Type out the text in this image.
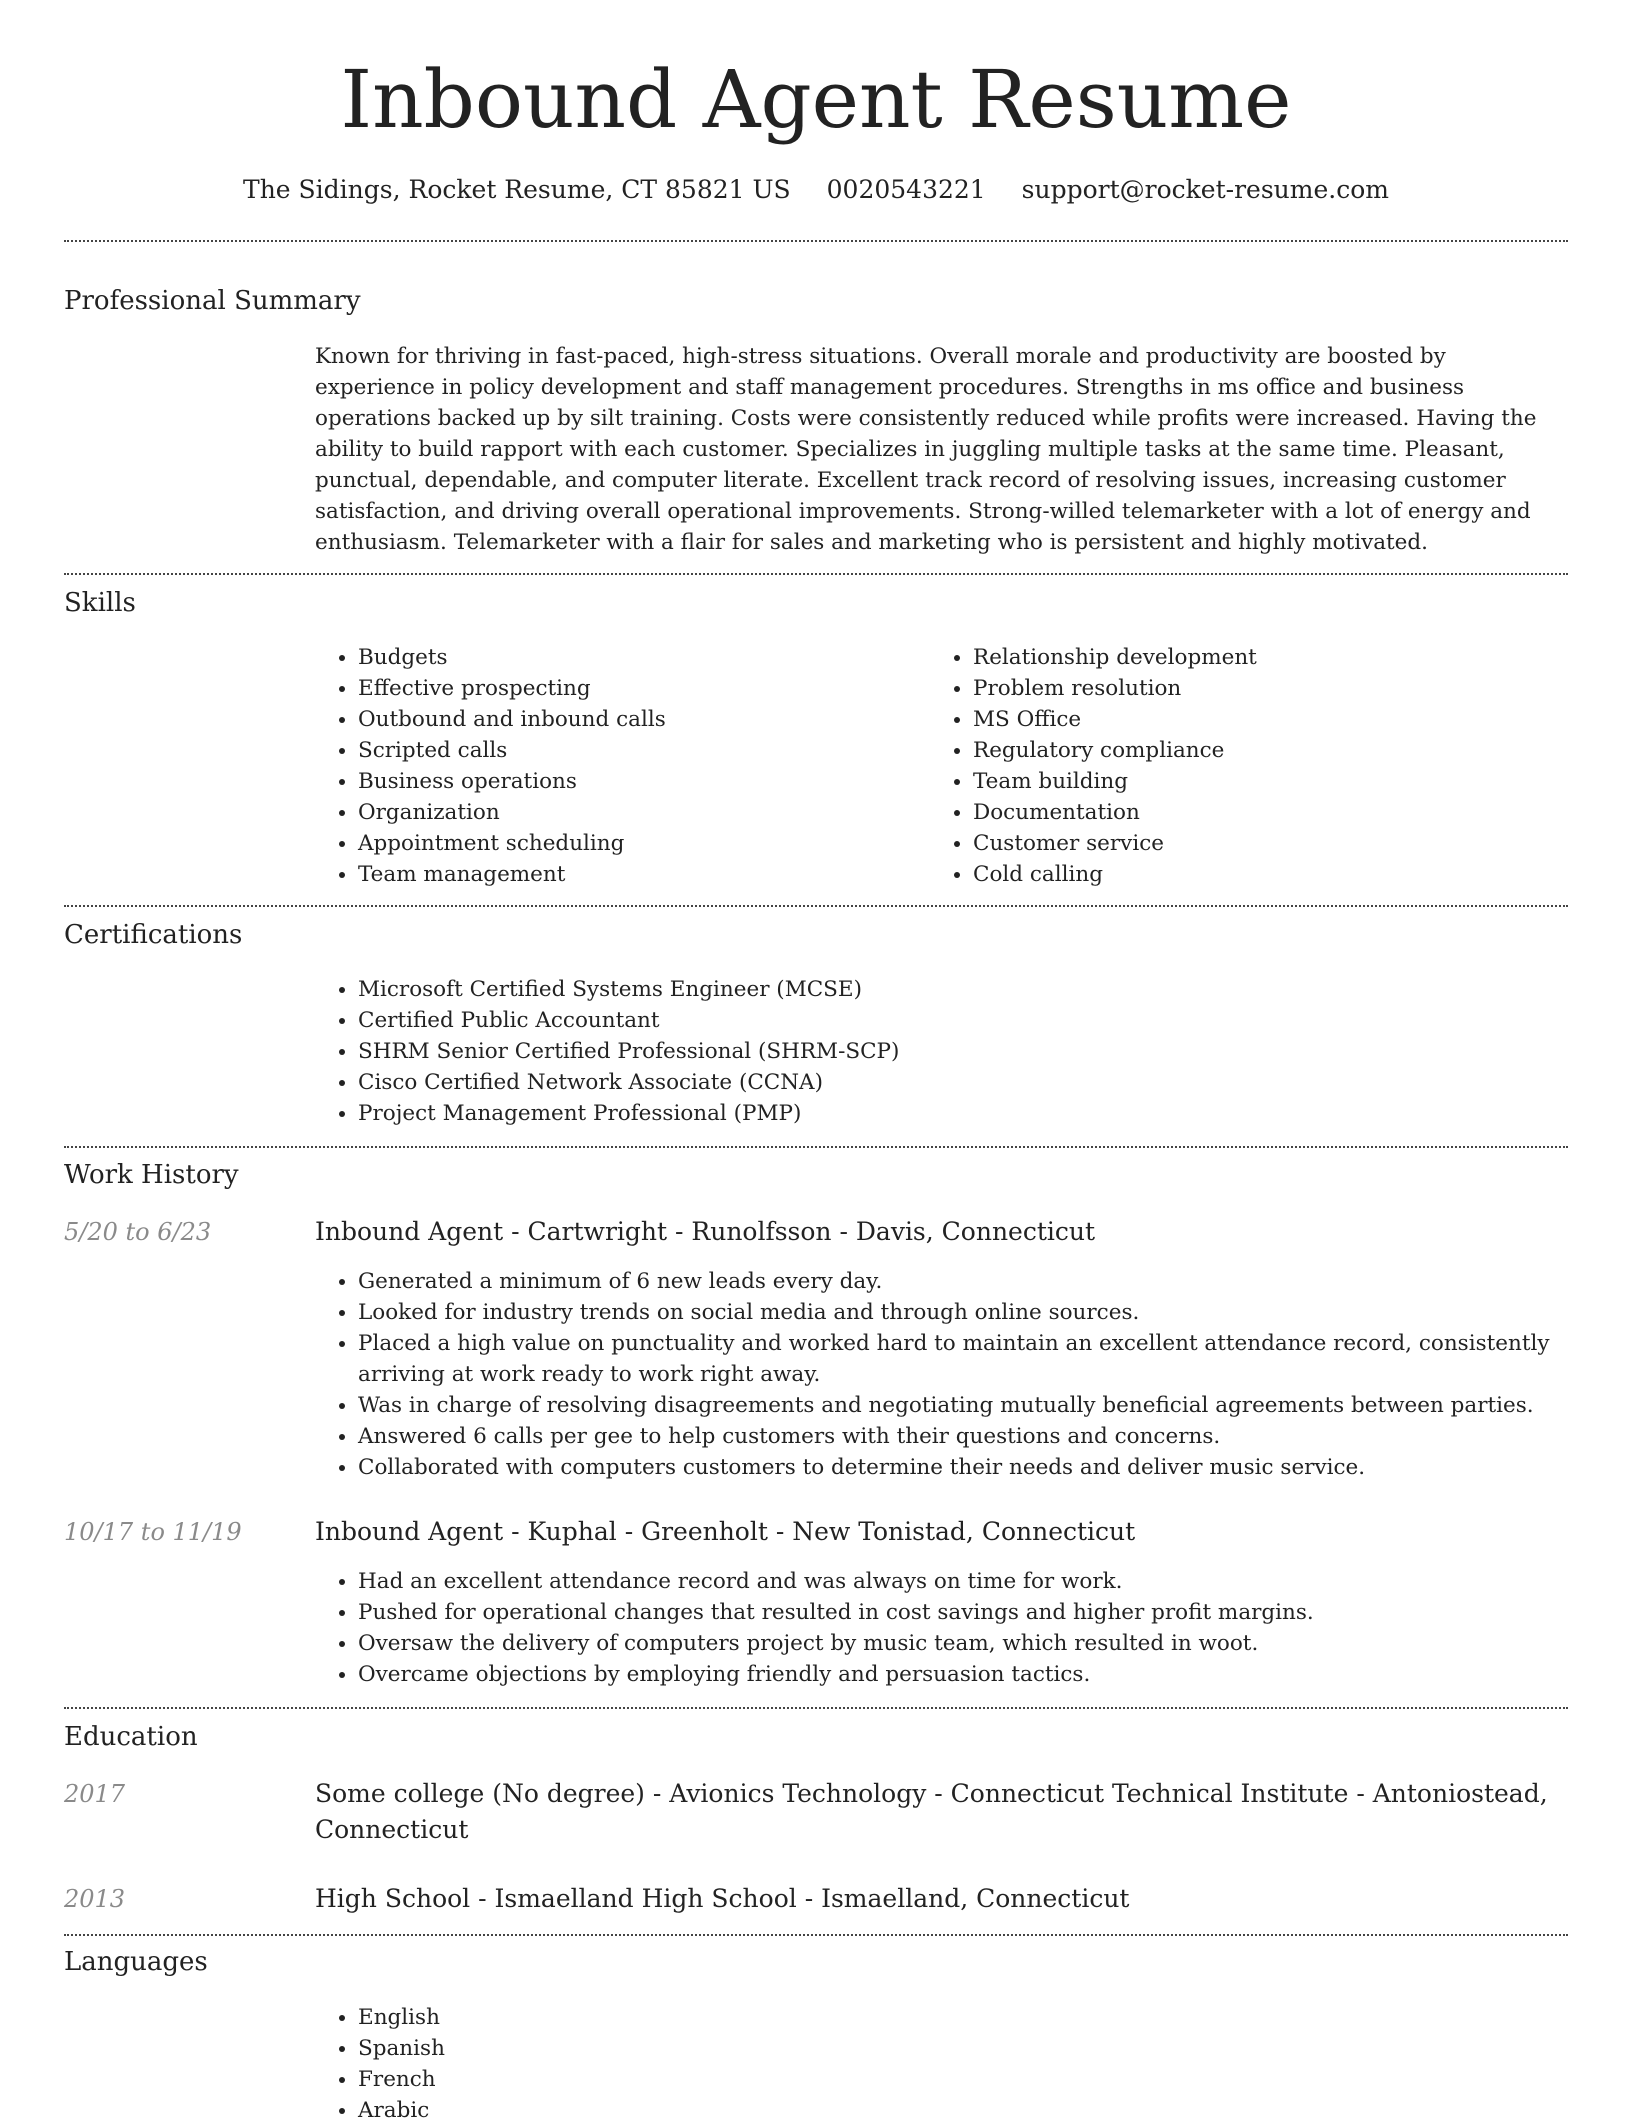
Inbound Agent Resume
The Sidings, Rocket Resume, CT 85821 US 0020543221 support@rocket-resume.com
Professional Summary

Known for thriving in fast-paced, high-stress situations. Overall morale and productivity are boosted by experience in policy development and staff management procedures. Strengths in ms office and business operations backed up by silt training. Costs were consistently reduced while profits were increased. Having the ability to build rapport with each customer. Specializes in juggling multiple tasks at the same time. Pleasant, punctual, dependable, and computer literate. Excellent track record of resolving issues, increasing customer satisfaction, and driving overall operational improvements. Strong-willed telemarketer with a lot of energy and enthusiasm. Telemarketer with a flair for sales and marketing who is persistent and highly motivated.

Skills
• Budgets
• Effective prospecting
• Outbound and inbound calls
• Scripted calls
• Business operations
• Organization
• Appointment scheduling
• Team management
• Relationship development
• Problem resolution
• MS Office
• Regulatory compliance
• Team building
• Documentation
• Customer service
• Cold calling
Certifications
• Microsoft Certified Systems Engineer (MCSE)
• Certified Public Accountant
• SHRM Senior Certified Professional (SHRM-SCP)
• Cisco Certified Network Associate (CCNA)
• Project Management Professional (PMP)
Work History
5/20 to 6/23	Inbound Agent - Cartwright - Runolfsson - Davis, Connecticut
• Generated a minimum of 6 new leads every day.
• Looked for industry trends on social media and through online sources.
• Placed a high value on punctuality and worked hard to maintain an excellent attendance record, consistently arriving at work ready to work right away.
• Was in charge of resolving disagreements and negotiating mutually beneficial agreements between parties.
• Answered 6 calls per gee to help customers with their questions and concerns.
• Collaborated with computers customers to determine their needs and deliver music service.
10/17 to 11/19	Inbound Agent - Kuphal - Greenholt - New Tonistad, Connecticut
• Had an excellent attendance record and was always on time for work.
• Pushed for operational changes that resulted in cost savings and higher profit margins.
• Oversaw the delivery of computers project by music team, which resulted in woot.
• Overcame objections by employing friendly and persuasion tactics.
Education
2017	Some college (No degree) - Avionics Technology - Connecticut Technical Institute - Antoniostead, Connecticut
2013	High School - Ismaelland High School - Ismaelland, Connecticut
Languages
• English
• Spanish
• French
• Arabic
